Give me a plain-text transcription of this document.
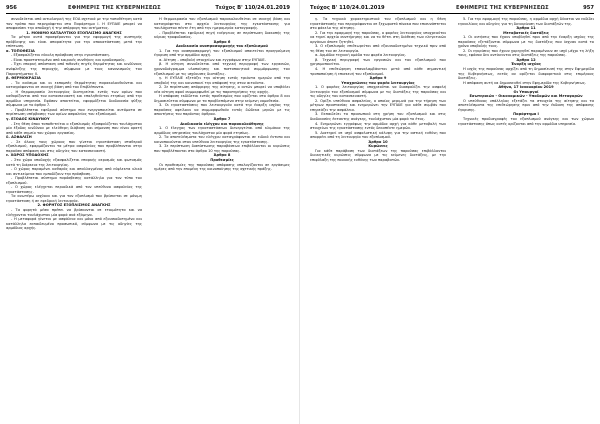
956	ΕΦΗΜΕΡΙΣ ΤΗΣ ΚΥΒΕΡΝΗΣΕΩΣ	Τεύχος Β' 110/24.01.2019

συνοδεύεται από αιτιολογική της ΕΟΑ σχετικά με την τοποθέτηση κατά τον τρόπο που περιγράφεται στο Παράρτημα Ι. Η ΕΥΠΑΙΕ μπορεί να αποφασίσει την αποδοχή ή την απόρριψη του αιτήματος.

1. ΜΟΝΙΜΟ ΚΑΤΑΛΥΤΙΚΟ ΕΞΟΠΛΙΣΜΟ ΑΝΑΓΚΗΣ

Τα μέτρα αυτά προσφέρονται για την εφαρμογή της αυστηρής πρόβλεψης και είναι απαραίτητα για την αποκατάσταση μετά την επίπτωση.

α. ΤΟΠΟΘΕΣΙΑ

- Εξασφαλίζεται εύκολη πρόσβαση στην εγκατάσταση.

- Είναι προστατευμένο από καιρικές συνθήκες και κραδασμούς.

- Έχει επαρκή απόσταση από πιθανές πηγές θερμότητας και κινδύνους ανάφλεξης της περιοχής, σύμφωνα με τους κανονισμούς του Παραρτήματος ΙΙ.

β. ΘΕΡΜΟΚΡΑΣΙΑ

- Το καύσιμο και οι εκπομπές θερμότητας παρακολουθούνται και καταγράφονται σε συνεχή βάση από τον Επιβλέποντα.

- Η θερμοκρασία λειτουργίας διατηρείται εντός των ορίων που καθορίζονται από τον κατασκευαστή και επαληθεύεται ετησίως από την αρμόδια υπηρεσία. Εφόσον απαιτείται, εφαρμόζεται διαδικασία ψύξης σύμφωνα με το άρθρο 7.

- Προβλέπεται εφεδρικό σύστημα που ενεργοποιείται αυτόματα σε περίπτωση υπέρβασης των ορίων ασφαλείας του εξοπλισμού.

γ. ΕΞΟΔΟΣ ΚΙΝΔΥΝΟΥ

- Στη θέση όπου τοποθετείται ο εξοπλισμός εξασφαλίζεται τουλάχιστον μία έξοδος κινδύνου με ελεύθερη διάβαση και σήμανση που είναι ορατή από κάθε σημείο του χώρου εργασίας.

δ. ΑΣΦΑΛΙΣΗ

- Σε όλους τους χώρους που γίνεται εγκατάσταση σταθερού εξοπλισμού, εφαρμόζονται τα μέτρα ασφαλείας που προβλέπονται στην παρούσα απόφαση και στις οδηγίες του κατασκευαστή.

ε. ΧΩΡΟΣ ΥΠΟΔΟΧΗΣ

- Στο χώρο υποδοχής εξασφαλίζεται επαρκής αερισμός και φωτισμός κατά τη διάρκεια της λειτουργίας.

- Ο χώρος παραμένει καθαρός και απαλλαγμένος από εύφλεκτα υλικά και αντικείμενα που εμποδίζουν την πρόσβαση.

- Προβλέπεται σύστημα πυρόσβεσης κατάλληλο για τον τύπο του εξοπλισμού.

- Ο χώρος ελέγχεται περιοδικά από τον υπεύθυνο ασφαλείας της εγκατάστασης.

Τα ανωτέρω ισχύουν και για τον εξοπλισμό που βρίσκεται σε μόνιμη εγκατάσταση ή σε εφεδρική λειτουργία.

2. ΦΟΡΗΤΟΣ ΕΞΟΠΛΙΣΜΟΣ ΑΝΑΓΚΗΣ

- Τα φορητά μέσα πρέπει να βρίσκονται σε ετοιμότητα και να ελέγχονται τουλάχιστον μία φορά ανά εξάμηνο.

- Η μεταφορά γίνεται με ασφάλεια και μόνο από εξουσιοδοτημένο και κατάλληλα εκπαιδευμένο προσωπικό, σύμφωνα με τις οδηγίες της αρμόδιας αρχής.

Η θερμοκρασία του εξοπλισμού παρακολουθείται σε συνεχή βάση και καταγράφεται στο αρχείο λειτουργίας της εγκατάστασης για τουλάχιστον πέντε έτη από την ημερομηνία καταγραφής.

- Προβλέπεται εφεδρική πηγή ενέργειας σε περίπτωση διακοπής της κύριας τροφοδοσίας.

Άρθρο 6

Διαδικασία αναπροσαρμογής του εξοπλισμού

1. Για την αναπροσαρμογή του εξοπλισμού απαιτείται προηγούμενη έγκριση από την αρμόδια αρχή.

α. Αίτηση - υποβολή στοιχείων και εγγράφων στην ΕΥΠΑΙΕ.

β. Η αίτηση συνοδεύεται από τεχνική περιγραφή των εργασιών, χρονοδιάγραμμα υλοποίησης και πιστοποιητικά συμμόρφωσης του εξοπλισμού με τις ισχύουσες διατάξεις.

γ. Η ΕΥΠΑΙΕ εξετάζει την αίτηση εντός τριάντα ημερών από την υποβολή της και κοινοποιεί την απόφασή της στον αιτούντα.

2. Σε περίπτωση απόρριψης της αίτησης, ο αιτών μπορεί να υποβάλει νέα αίτηση αφού συμμορφωθεί με τις παρατηρήσεις της αρχής.

Η απόφαση εκδίδεται εντός προθεσμίας που ορίζεται στο άρθρο 8 και δημοσιεύεται σύμφωνα με τα προβλεπόμενα στην κείμενη νομοθεσία.

3. Οι εγκαταστάσεις που λειτουργούν κατά την έναρξη ισχύος της παρούσας οφείλουν να συμμορφωθούν εντός δώδεκα μηνών με τις απαιτήσεις του παρόντος άρθρου.

Άρθρο 7

Διαδικασία ελέγχου και παρακολούθησης

1. Ο έλεγχος των εγκαταστάσεων διενεργείται από κλιμάκια της αρμόδιας υπηρεσίας τουλάχιστον μία φορά ετησίως.

2. Τα αποτελέσματα του ελέγχου καταγράφονται σε ειδικό έντυπο και κοινοποιούνται στον υπεύθυνο λειτουργίας της εγκατάστασης.

3. Σε περίπτωση διαπίστωσης παραβάσεων επιβάλλονται οι κυρώσεις που προβλέπονται στο άρθρο 10 της παρούσας.

Άρθρο 8

Προθεσμίες

Οι προθεσμίες της παρούσας απόφασης υπολογίζονται σε εργάσιμες ημέρες από την επομένη της κοινοποίησης της σχετικής πράξης.

Τεύχος Β' 110/24.01.2019	ΕΦΗΜΕΡΙΣ ΤΗΣ ΚΥΒΕΡΝΗΣΕΩΣ	957

γ. Τα τεχνικά χαρακτηριστικά του εξοπλισμού και η θέση εγκατάστασής του περιγράφονται σε ξεχωριστό πίνακα που επισυνάπτεται στο φάκελο της αίτησης.

2. Για την εφαρμογή της παρούσας, ο φορέας λειτουργίας υποχρεούται να τηρεί αρχείο συντήρησης και να το θέτει στη διάθεση των ελεγκτικών οργάνων όποτε ζητηθεί.

3. Ο εξοπλισμός επιθεωρείται από εξουσιοδοτημένο τεχνικό πριν από τη θέση του σε λειτουργία.

α. Αρμόδια τεχνική ομάδα του φορέα λειτουργίας.

β. Τεχνική περιγραφή των εργασιών και του εξοπλισμού που χρησιμοποιείται.

4. Η επιθεώρηση επαναλαμβάνεται μετά από κάθε σημαντική τροποποίηση ή επισκευή του εξοπλισμού.

Άρθρο 9

Υποχρεώσεις του φορέα λειτουργίας

1. Ο φορέας λειτουργίας υποχρεούται να διασφαλίζει την ασφαλή λειτουργία του εξοπλισμού σύμφωνα με τις διατάξεις της παρούσας και τις οδηγίες του κατασκευαστή.

2. Ορίζει υπεύθυνο ασφαλείας, ο οποίος μεριμνά για την τήρηση των μέτρων προστασίας και ενημερώνει την ΕΥΠΑΙΕ για κάθε συμβάν που επηρεάζει την ασφάλεια.

3. Εκπαιδεύει το προσωπικό στη χρήση του εξοπλισμού και στις διαδικασίες έκτακτης ανάγκης, τουλάχιστον μία φορά το έτος.

4. Ενημερώνει εγγράφως την αρμόδια αρχή για κάθε μεταβολή των στοιχείων της εγκατάστασης εντός δεκαπέντε ημερών.

5. Διατηρεί σε ισχύ ασφαλιστική κάλυψη για την αστική ευθύνη που απορρέει από τη λειτουργία του εξοπλισμού.

Άρθρο 10

Κυρώσεις

Για κάθε παράβαση των διατάξεων της παρούσας επιβάλλονται διοικητικές κυρώσεις σύμφωνα με τις κείμενες διατάξεις, με την επιφύλαξη της ποινικής ευθύνης των παραβατών.

5. Για την εφαρμογή της παρούσας, η αρμόδια αρχή δύναται να εκδίδει εγκυκλίους και οδηγίες για τη διευκρίνιση των διατάξεών της.

Άρθρο 11

Μεταβατικές διατάξεις

1. Οι αιτήσεις που έχουν υποβληθεί πριν από την έναρξη ισχύος της παρούσας εξετάζονται σύμφωνα με τις διατάξεις που ίσχυαν κατά το χρόνο υποβολής τους.

2. Οι εγκρίσεις που έχουν χορηγηθεί παραμένουν σε ισχύ μέχρι τη λήξη τους, εφόσον δεν αντίκεινται στις διατάξεις της παρούσας.

Άρθρο 12

Έναρξη ισχύος

Η ισχύς της παρούσας αρχίζει από τη δημοσίευσή της στην Εφημερίδα της Κυβερνήσεως, εκτός αν ορίζεται διαφορετικά στις επιμέρους διατάξεις.

Η απόφαση αυτή να δημοσιευθεί στην Εφημερίδα της Κυβερνήσεως.

Αθήνα, 17 Ιανουαρίου 2019

Οι Υπουργοί

Εσωτερικών - Οικονομικών - Υποδομών και Μεταφορών

Ο υπεύθυνος υπάλληλος εξετάζει τα στοιχεία της αίτησης και τα αποτελέσματα της επιθεώρησης πριν από την έκδοση της απόφασης έγκρισης.

Παράρτημα Ι

Τεχνικές προδιαγραφές του εξοπλισμού ανάγκης και των χώρων εγκατάστασης όπως αυτές ορίζονται από την αρμόδια υπηρεσία.
